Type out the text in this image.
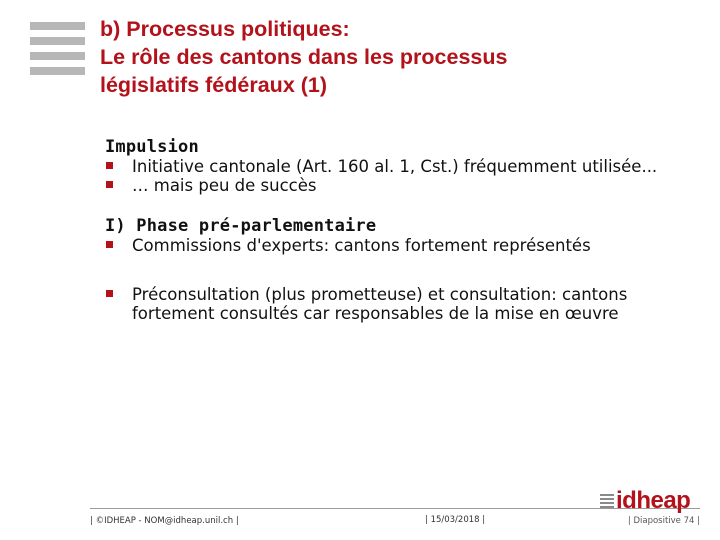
b) Processus politiques:
Le rôle des cantons dans les processus
législatifs fédéraux (1)
Impulsion
Initiative cantonale (Art. 160 al. 1, Cst.) fréquemment utilisée...
… mais peu de succès
I) Phase pré-parlementaire
Commissions d'experts: cantons fortement représentés
Préconsultation (plus prometteuse) et consultation: cantons fortement consultés car responsables de la mise en œuvre
| ©IDHEAP - NOM@idheap.unil.ch |	| 15/03/2018 |	| Diapositive 74 |
idheap
